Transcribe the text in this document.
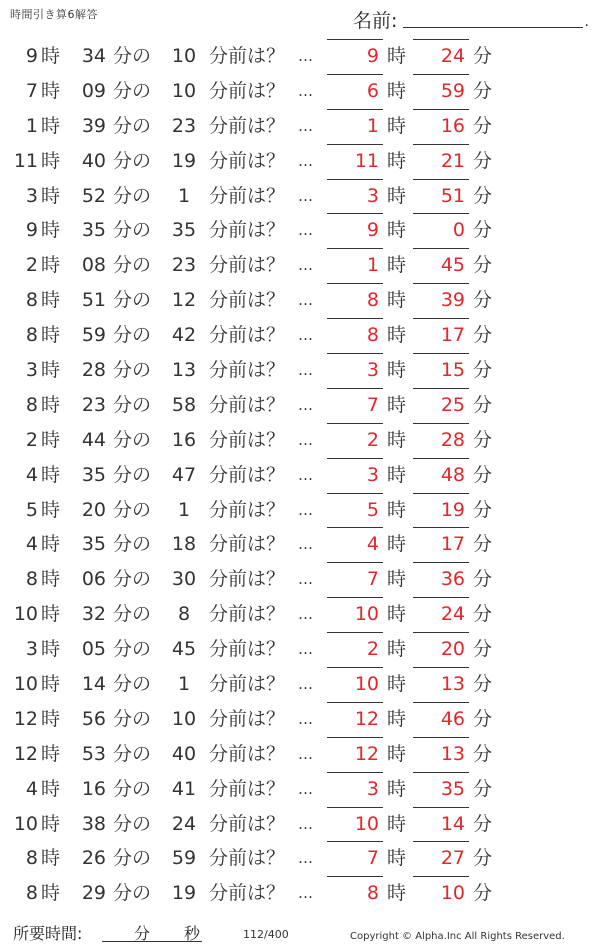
時間引き算6解答	名前:	.
9 時	34 分の	10 分前は？ …	9 時	24 分
7 時	09 分の	10 分前は？ …	6 時	59 分
1 時	39 分の	23 分前は？ …	1 時	16 分
11 時	40 分の	19 分前は？ …	11 時	21 分
3 時	52 分の	1 分前は？ …	3 時	51 分
9 時	35 分の	35 分前は？ …	9 時	0 分
2 時	08 分の	23 分前は？ …	1 時	45 分
8 時	51 分の	12 分前は？ …	8 時	39 分
8 時	59 分の	42 分前は？ …	8 時	17 分
3 時	28 分の	13 分前は？ …	3 時	15 分
8 時	23 分の	58 分前は？ …	7 時	25 分
2 時	44 分の	16 分前は？ …	2 時	28 分
4 時	35 分の	47 分前は？ …	3 時	48 分
5 時	20 分の	1 分前は？ …	5 時	19 分
4 時	35 分の	18 分前は？ …	4 時	17 分
8 時	06 分の	30 分前は？ …	7 時	36 分
10 時	32 分の	8 分前は？ …	10 時	24 分
3 時	05 分の	45 分前は？ …	2 時	20 分
10 時	14 分の	1 分前は？ …	10 時	13 分
12 時	56 分の	10 分前は？ …	12 時	46 分
12 時	53 分の	40 分前は？ …	12 時	13 分
4 時	16 分の	41 分前は？ …	3 時	35 分
10 時	38 分の	24 分前は？ …	10 時	14 分
8 時	26 分の	59 分前は？ …	7 時	27 分
8 時	29 分の	19 分前は？ …	8 時	10 分
所要時間:	分 秒	112/400	Copyright © Alpha.Inc All Rights Reserved.
